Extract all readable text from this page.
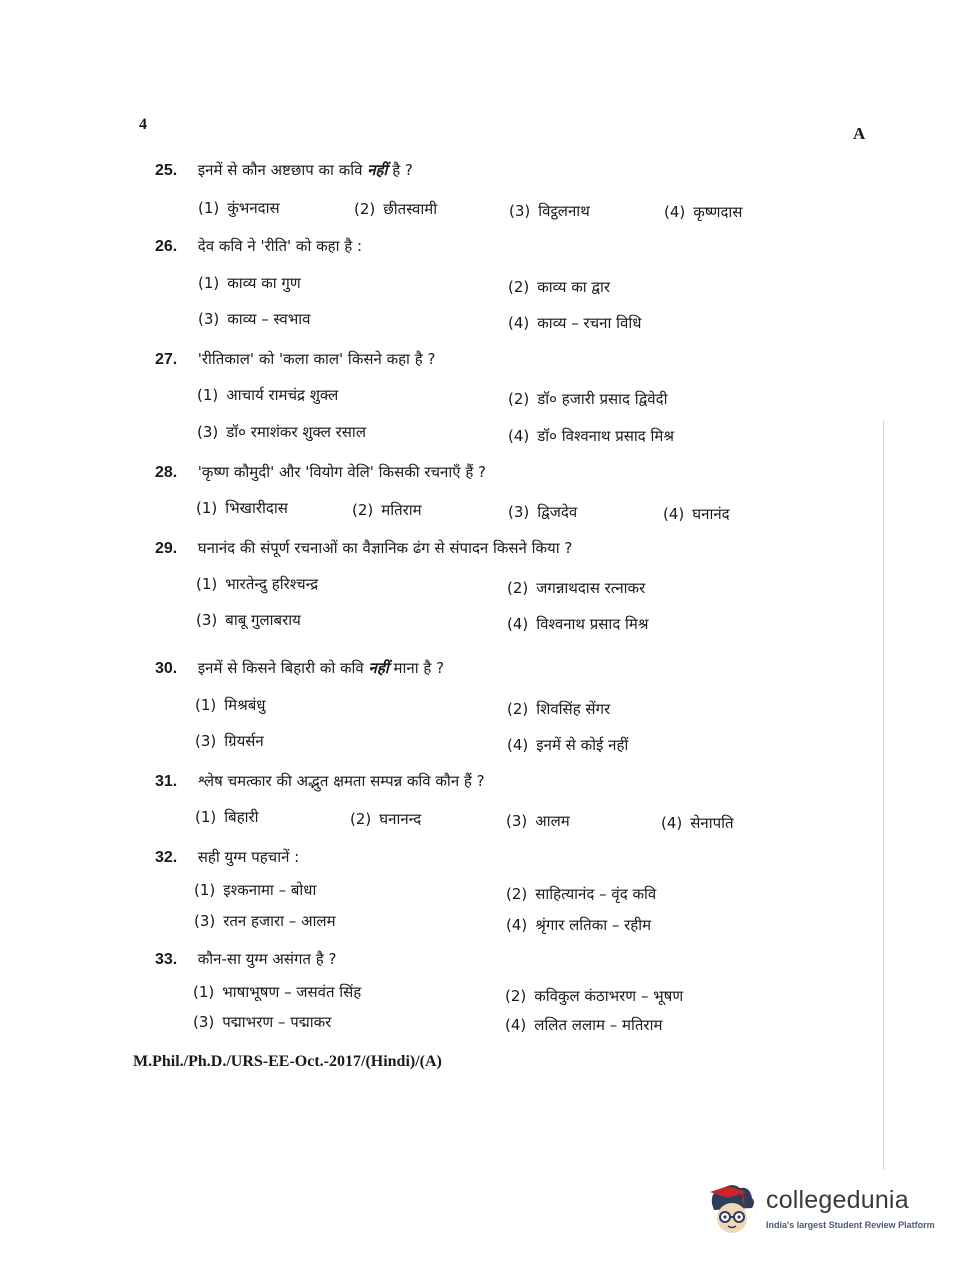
4	A
25. इनमें से कौन अष्टछाप का कवि नहीं है ?
(1) कुंभनदास	(2) छीतस्वामी	(3) विट्ठलनाथ	(4) कृष्णदास
26. देव कवि ने 'रीति' को कहा है :
(1) काव्य का गुण	(2) काव्य का द्वार
(3) काव्य – स्वभाव	(4) काव्य – रचना विधि
27. 'रीतिकाल' को 'कला काल' किसने कहा है ?
(1) आचार्य रामचंद्र शुक्ल	(2) डॉ० हजारी प्रसाद द्विवेदी
(3) डॉ० रमाशंकर शुक्ल रसाल	(4) डॉ० विश्वनाथ प्रसाद मिश्र
28. 'कृष्ण कौमुदी' और 'वियोग वेलि' किसकी रचनाएँ हैं ?
(1) भिखारीदास	(2) मतिराम	(3) द्विजदेव	(4) घनानंद
29. घनानंद की संपूर्ण रचनाओं का वैज्ञानिक ढंग से संपादन किसने किया ?
(1) भारतेन्दु हरिश्चन्द्र	(2) जगन्नाथदास रत्नाकर
(3) बाबू गुलाबराय	(4) विश्वनाथ प्रसाद मिश्र
30. इनमें से किसने बिहारी को कवि नहीं माना है ?
(1) मिश्रबंधु	(2) शिवसिंह सेंगर
(3) ग्रियर्सन	(4) इनमें से कोई नहीं
31. श्लेष चमत्कार की अद्भुत क्षमता सम्पन्न कवि कौन हैं ?
(1) बिहारी	(2) घनानन्द	(3) आलम	(4) सेनापति
32. सही युग्म पहचानें :
(1) इश्कनामा – बोधा	(2) साहित्यानंद – वृंद कवि
(3) रतन हजारा – आलम	(4) श्रृंगार लतिका – रहीम
33. कौन-सा युग्म असंगत है ?
(1) भाषाभूषण – जसवंत सिंह	(2) कविकुल कंठाभरण – भूषण
(3) पद्माभरण – पद्माकर	(4) ललित ललाम – मतिराम
M.Phil./Ph.D./URS-EE-Oct.-2017/(Hindi)/(A)
collegedunia
India's largest Student Review Platform
